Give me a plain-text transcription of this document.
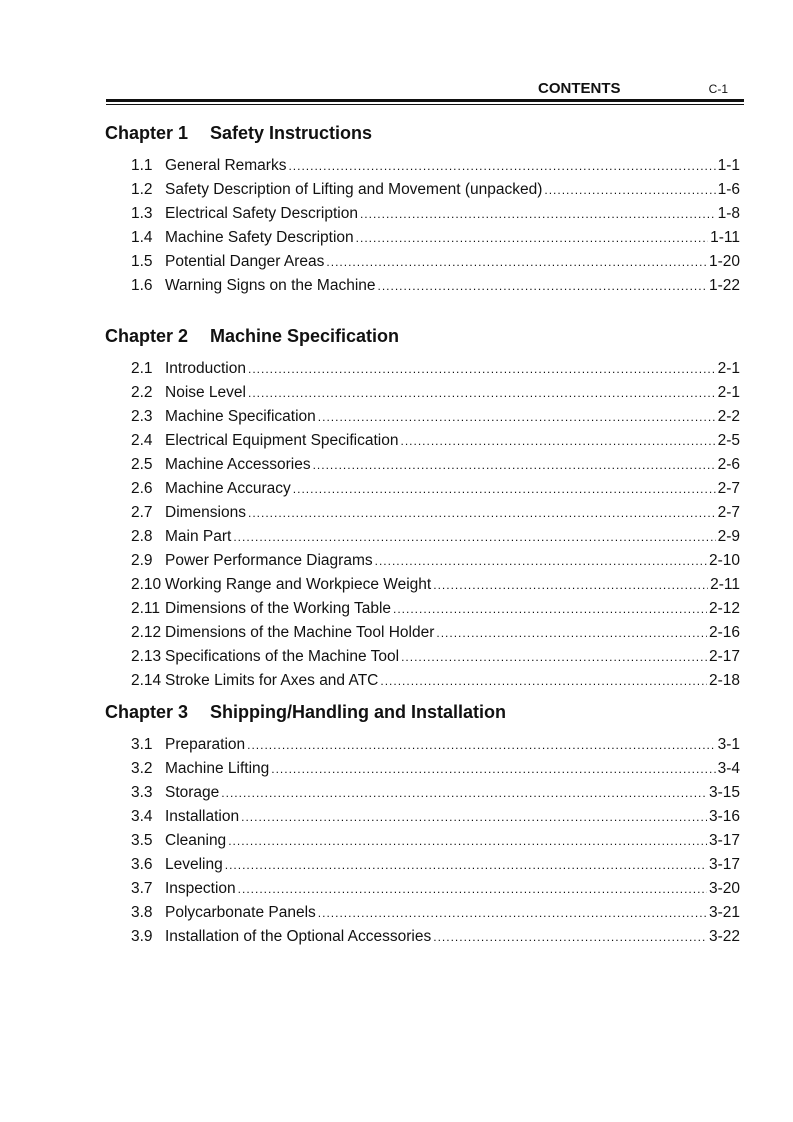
CONTENTS	C-1
Chapter 1 Safety Instructions
1.1 General Remarks .....	1-1
1.2 Safety Description of Lifting and Movement (unpacked) .....	1-6
1.3 Electrical Safety Description .....	1-8
1.4 Machine Safety Description .....	1-11
1.5 Potential Danger Areas .....	1-20
1.6 Warning Signs on the Machine .....	1-22
Chapter 2 Machine Specification
2.1 Introduction .....	2-1
2.2 Noise Level .....	2-1
2.3 Machine Specification .....	2-2
2.4 Electrical Equipment Specification .....	2-5
2.5 Machine Accessories .....	2-6
2.6 Machine Accuracy .....	2-7
2.7 Dimensions .....	2-7
2.8 Main Part .....	2-9
2.9 Power Performance Diagrams .....	2-10
2.10 Working Range and Workpiece Weight .....	2-11
2.11 Dimensions of the Working Table .....	2-12
2.12 Dimensions of the Machine Tool Holder .....	2-16
2.13 Specifications of the Machine Tool .....	2-17
2.14 Stroke Limits for Axes and ATC .....	2-18
Chapter 3 Shipping/Handling and Installation
3.1 Preparation .....	3-1
3.2 Machine Lifting .....	3-4
3.3 Storage .....	3-15
3.4 Installation .....	3-16
3.5 Cleaning .....	3-17
3.6 Leveling .....	3-17
3.7 Inspection .....	3-20
3.8 Polycarbonate Panels .....	3-21
3.9 Installation of the Optional Accessories .....	3-22
